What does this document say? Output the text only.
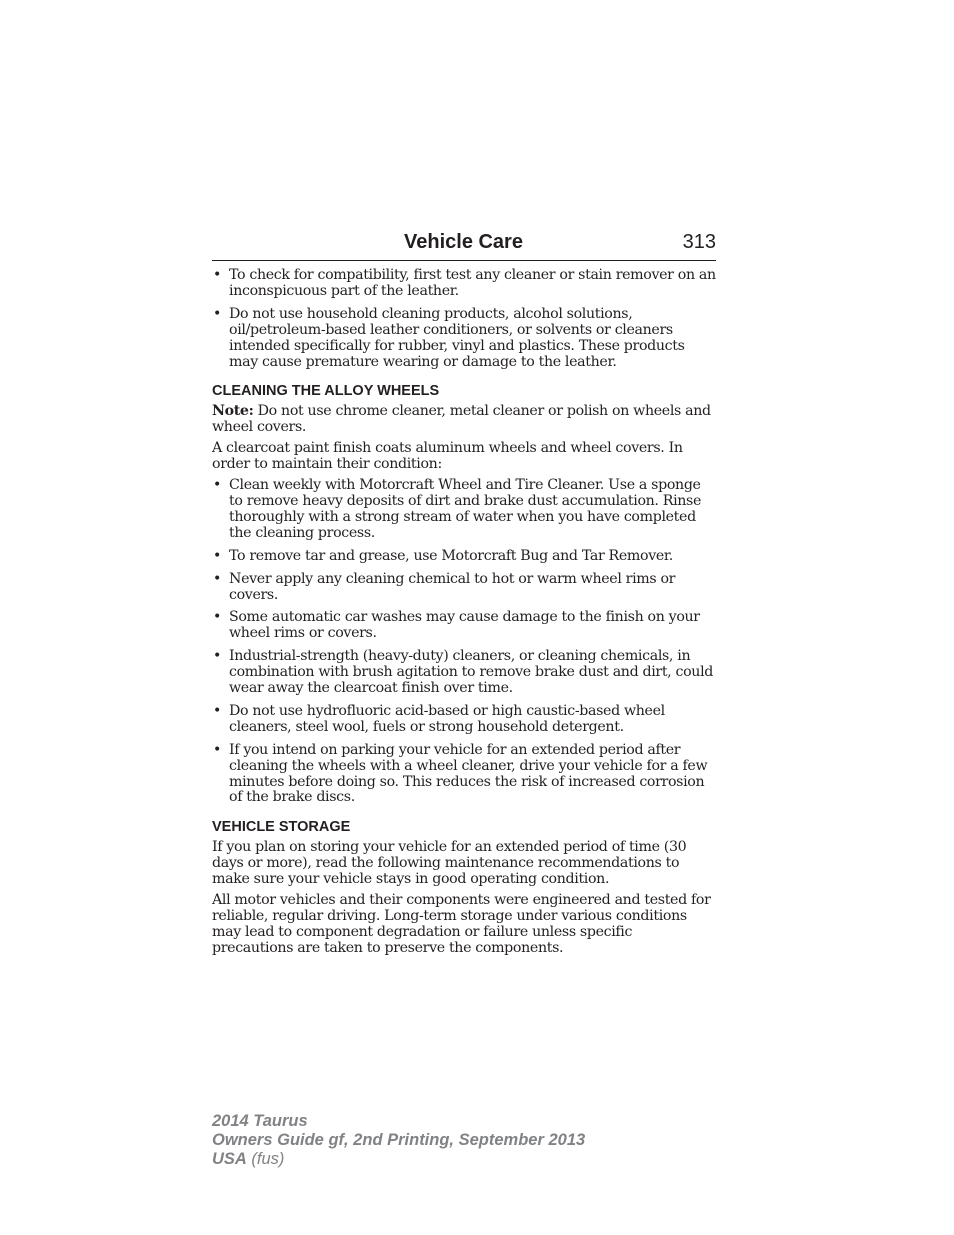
Vehicle Care	313
• To check for compatibility, first test any cleaner or stain remover on an inconspicuous part of the leather.
• Do not use household cleaning products, alcohol solutions, oil/petroleum-based leather conditioners, or solvents or cleaners intended specifically for rubber, vinyl and plastics. These products may cause premature wearing or damage to the leather.
CLEANING THE ALLOY WHEELS

Note: Do not use chrome cleaner, metal cleaner or polish on wheels and wheel covers.

A clearcoat paint finish coats aluminum wheels and wheel covers. In order to maintain their condition:

• Clean weekly with Motorcraft Wheel and Tire Cleaner. Use a sponge to remove heavy deposits of dirt and brake dust accumulation. Rinse thoroughly with a strong stream of water when you have completed the cleaning process.
• To remove tar and grease, use Motorcraft Bug and Tar Remover.
• Never apply any cleaning chemical to hot or warm wheel rims or covers.
• Some automatic car washes may cause damage to the finish on your wheel rims or covers.
• Industrial-strength (heavy-duty) cleaners, or cleaning chemicals, in combination with brush agitation to remove brake dust and dirt, could wear away the clearcoat finish over time.
• Do not use hydrofluoric acid-based or high caustic-based wheel cleaners, steel wool, fuels or strong household detergent.
• If you intend on parking your vehicle for an extended period after cleaning the wheels with a wheel cleaner, drive your vehicle for a few minutes before doing so. This reduces the risk of increased corrosion of the brake discs.
VEHICLE STORAGE

If you plan on storing your vehicle for an extended period of time (30 days or more), read the following maintenance recommendations to make sure your vehicle stays in good operating condition.

All motor vehicles and their components were engineered and tested for reliable, regular driving. Long-term storage under various conditions may lead to component degradation or failure unless specific precautions are taken to preserve the components.

2014 Taurus
Owners Guide gf, 2nd Printing, September 2013
USA (fus)
